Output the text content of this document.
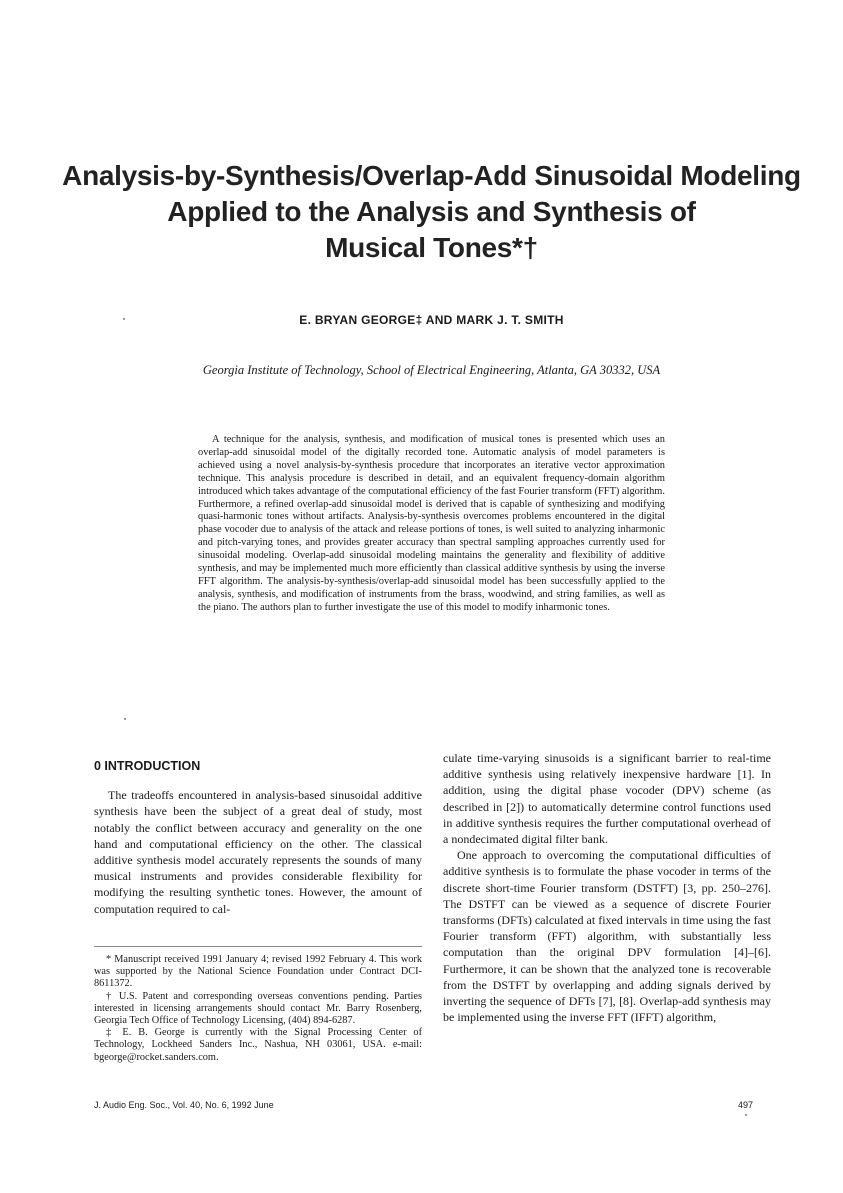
Analysis-by-Synthesis/Overlap-Add Sinusoidal Modeling
Applied to the Analysis and Synthesis of
Musical Tones*†
E. BRYAN GEORGE‡ AND MARK J. T. SMITH
Georgia Institute of Technology, School of Electrical Engineering, Atlanta, GA 30332, USA

A technique for the analysis, synthesis, and modification of musical tones is presented which uses an overlap-add sinusoidal model of the digitally recorded tone. Automatic analysis of model parameters is achieved using a novel analysis-by-synthesis procedure that incorporates an iterative vector approximation technique. This analysis procedure is described in detail, and an equivalent frequency-domain algorithm introduced which takes advantage of the computational efficiency of the fast Fourier transform (FFT) algorithm. Furthermore, a refined overlap-add sinusoidal model is derived that is capable of synthesizing and modifying quasi-harmonic tones without artifacts. Analysis-by-synthesis overcomes problems encountered in the digital phase vocoder due to analysis of the attack and release portions of tones, is well suited to analyzing inharmonic and pitch-varying tones, and provides greater accuracy than spectral sampling approaches currently used for sinusoidal modeling. Overlap-add sinusoidal modeling maintains the generality and flexibility of additive synthesis, and may be implemented much more efficiently than classical additive synthesis by using the inverse FFT algorithm. The analysis-by-synthesis/overlap-add sinusoidal model has been successfully applied to the analysis, synthesis, and modification of instruments from the brass, woodwind, and string families, as well as the piano. The authors plan to further investigate the use of this model to modify inharmonic tones.

0 INTRODUCTION

The tradeoffs encountered in analysis-based sinusoidal additive synthesis have been the subject of a great deal of study, most notably the conflict between accuracy and generality on the one hand and computational efficiency on the other. The classical additive synthesis model accurately represents the sounds of many musical instruments and provides considerable flexibility for modifying the resulting synthetic tones. However, the amount of computation required to cal-

* Manuscript received 1991 January 4; revised 1992 February 4. This work was supported by the National Science Foundation under Contract DCI-8611372.

† U.S. Patent and corresponding overseas conventions pending. Parties interested in licensing arrangements should contact Mr. Barry Rosenberg, Georgia Tech Office of Technology Licensing, (404) 894-6287.

‡ E. B. George is currently with the Signal Processing Center of Technology, Lockheed Sanders Inc., Nashua, NH 03061, USA. e-mail: bgeorge@rocket.sanders.com.

culate time-varying sinusoids is a significant barrier to real-time additive synthesis using relatively inexpensive hardware [1]. In addition, using the digital phase vocoder (DPV) scheme (as described in [2]) to automatically determine control functions used in additive synthesis requires the further computational overhead of a nondecimated digital filter bank.

One approach to overcoming the computational difficulties of additive synthesis is to formulate the phase vocoder in terms of the discrete short-time Fourier transform (DSTFT) [3, pp. 250–276]. The DSTFT can be viewed as a sequence of discrete Fourier transforms (DFTs) calculated at fixed intervals in time using the fast Fourier transform (FFT) algorithm, with substantially less computation than the original DPV formulation [4]–[6]. Furthermore, it can be shown that the analyzed tone is recoverable from the DSTFT by overlapping and adding signals derived by inverting the sequence of DFTs [7], [8]. Overlap-add synthesis may be implemented using the inverse FFT (IFFT) algorithm,

J. Audio Eng. Soc., Vol. 40, No. 6, 1992 June	497
